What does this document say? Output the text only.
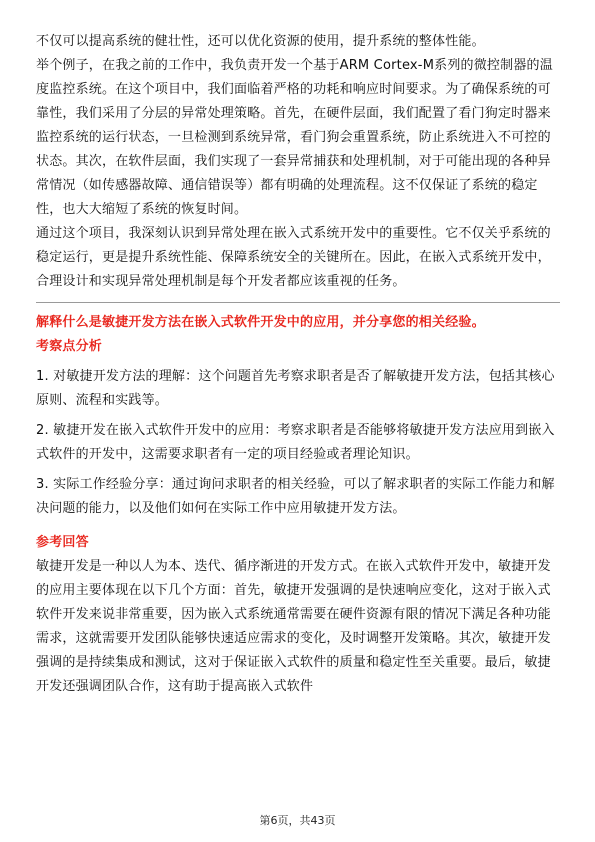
不仅可以提高系统的健壮性，还可以优化资源的使用，提升系统的整体性能。

举个例子，在我之前的工作中，我负责开发一个基于ARM Cortex-M系列的微控制器的温度监控系统。在这个项目中，我们面临着严格的功耗和响应时间要求。为了确保系统的可靠性，我们采用了分层的异常处理策略。首先，在硬件层面，我们配置了看门狗定时器来监控系统的运行状态，一旦检测到系统异常，看门狗会重置系统，防止系统进入不可控的状态。其次，在软件层面，我们实现了一套异常捕获和处理机制，对于可能出现的各种异常情况（如传感器故障、通信错误等）都有明确的处理流程。这不仅保证了系统的稳定性，也大大缩短了系统的恢复时间。

通过这个项目，我深刻认识到异常处理在嵌入式系统开发中的重要性。它不仅关乎系统的稳定运行，更是提升系统性能、保障系统安全的关键所在。因此，在嵌入式系统开发中，合理设计和实现异常处理机制是每个开发者都应该重视的任务。

解释什么是敏捷开发方法在嵌入式软件开发中的应用，并分享您的相关经验。

考察点分析

1. 对敏捷开发方法的理解：这个问题首先考察求职者是否了解敏捷开发方法，包括其核心原则、流程和实践等。

2. 敏捷开发在嵌入式软件开发中的应用：考察求职者是否能够将敏捷开发方法应用到嵌入式软件的开发中，这需要求职者有一定的项目经验或者理论知识。

3. 实际工作经验分享：通过询问求职者的相关经验，可以了解求职者的实际工作能力和解决问题的能力，以及他们如何在实际工作中应用敏捷开发方法。

参考回答

敏捷开发是一种以人为本、迭代、循序渐进的开发方式。在嵌入式软件开发中，敏捷开发的应用主要体现在以下几个方面：首先，敏捷开发强调的是快速响应变化，这对于嵌入式软件开发来说非常重要，因为嵌入式系统通常需要在硬件资源有限的情况下满足各种功能需求，这就需要开发团队能够快速适应需求的变化，及时调整开发策略。其次，敏捷开发强调的是持续集成和测试，这对于保证嵌入式软件的质量和稳定性至关重要。最后，敏捷开发还强调团队合作，这有助于提高嵌入式软件

第6页，共43页
